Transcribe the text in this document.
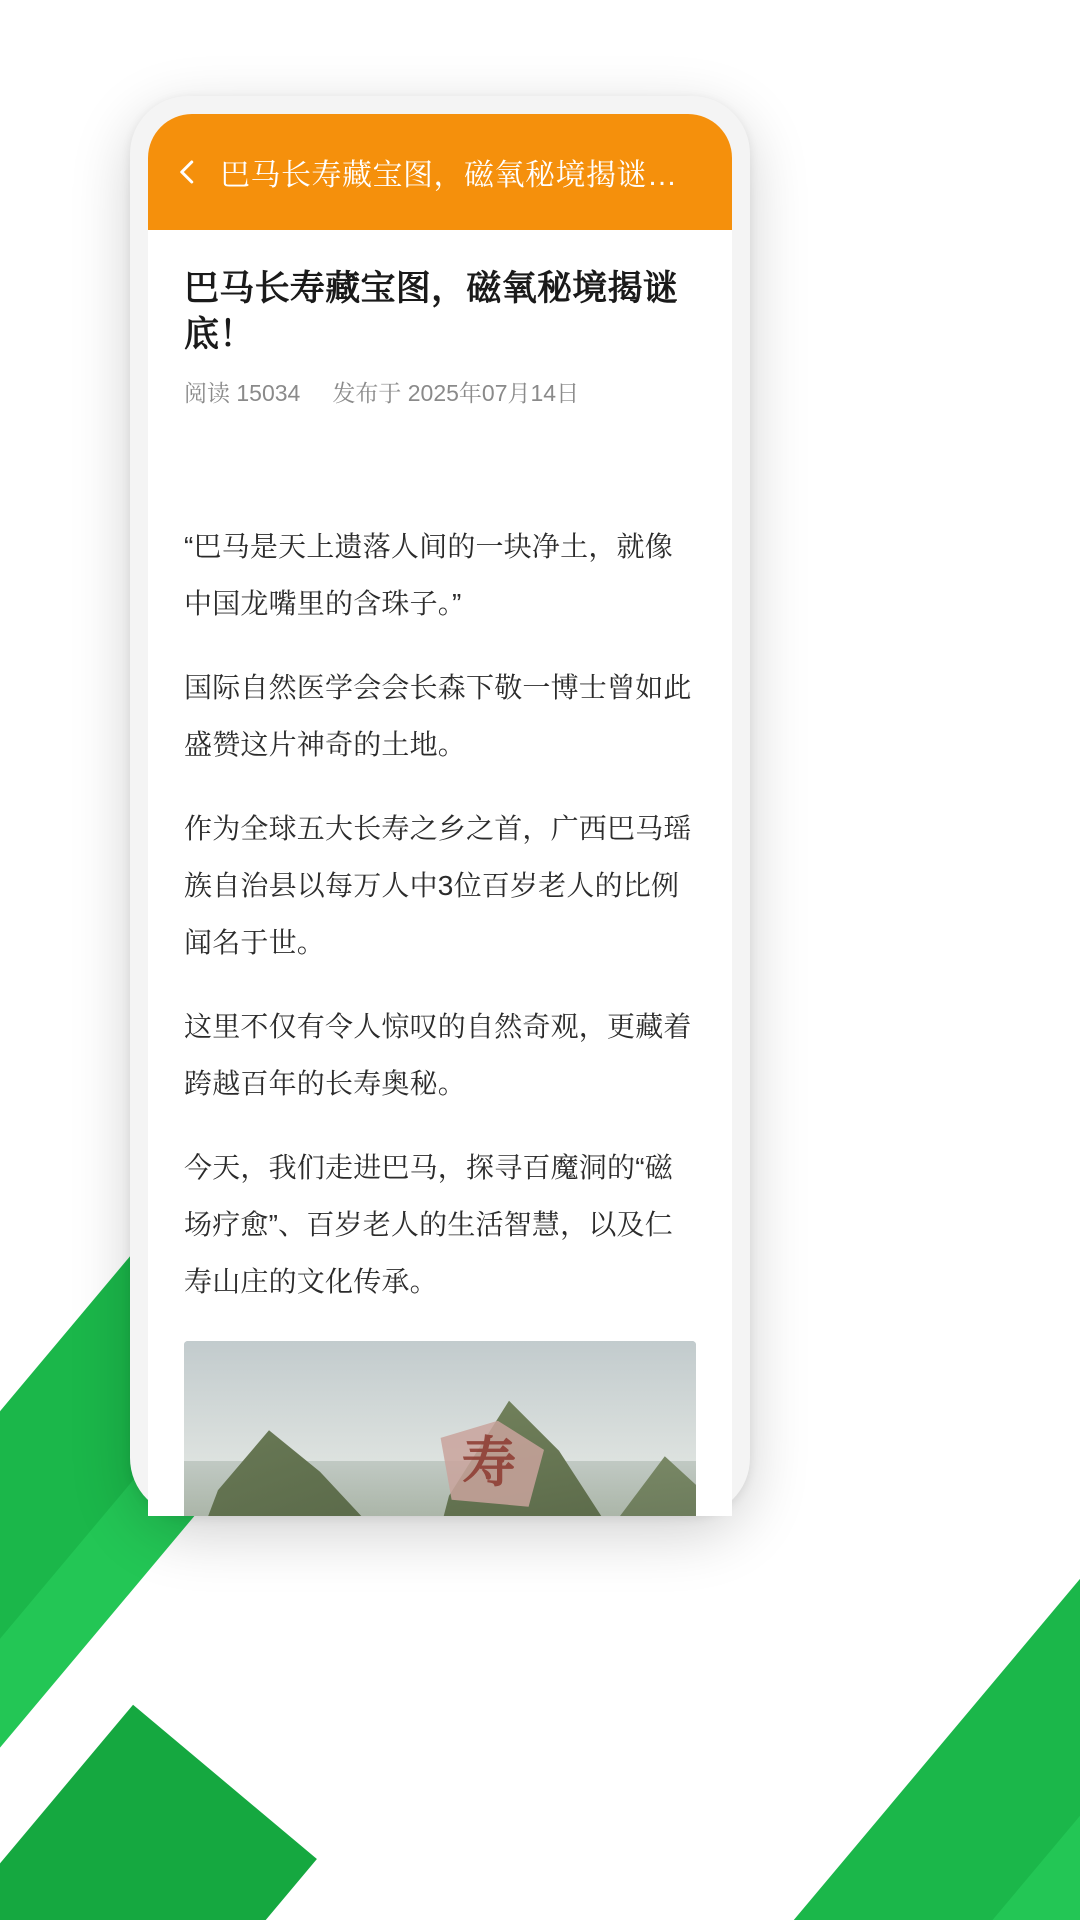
巴马长寿藏宝图，磁氧秘境揭谜…
巴马长寿藏宝图，磁氧秘境揭谜底！
阅读 15034 发布于 2025年07月14日

“巴马是天上遗落人间的一块净土，就像中国龙嘴里的含珠子。”

国际自然医学会会长森下敬一博士曾如此盛赞这片神奇的土地。

作为全球五大长寿之乡之首，广西巴马瑶族自治县以每万人中3位百岁老人的比例闻名于世。

这里不仅有令人惊叹的自然奇观，更藏着跨越百年的长寿奥秘。

今天，我们走进巴马，探寻百魔洞的“磁场疗愈”、百岁老人的生活智慧，以及仁寿山庄的文化传承。

寿
